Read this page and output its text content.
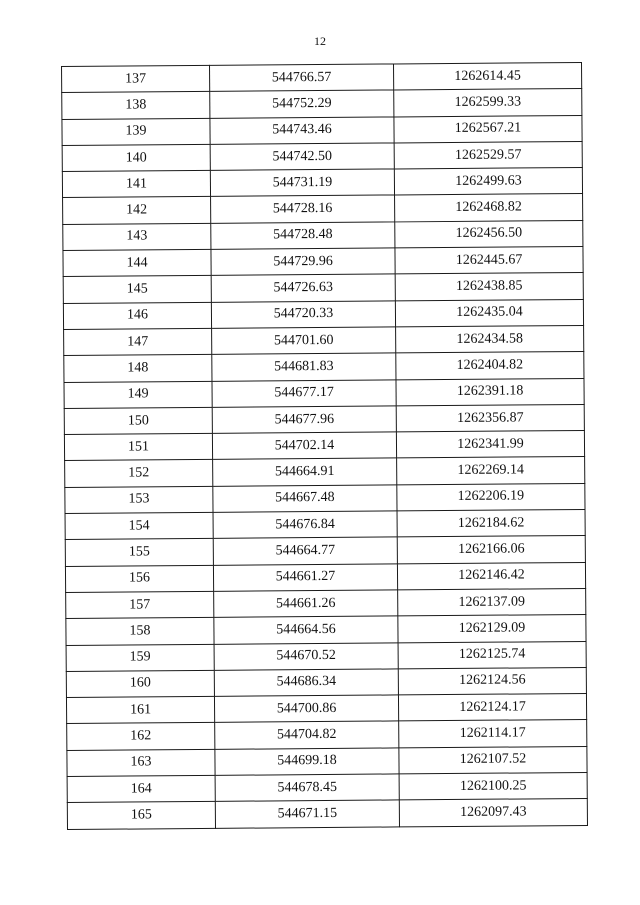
12
137	544766.57	1262614.45
138	544752.29	1262599.33
139	544743.46	1262567.21
140	544742.50	1262529.57
141	544731.19	1262499.63
142	544728.16	1262468.82
143	544728.48	1262456.50
144	544729.96	1262445.67
145	544726.63	1262438.85
146	544720.33	1262435.04
147	544701.60	1262434.58
148	544681.83	1262404.82
149	544677.17	1262391.18
150	544677.96	1262356.87
151	544702.14	1262341.99
152	544664.91	1262269.14
153	544667.48	1262206.19
154	544676.84	1262184.62
155	544664.77	1262166.06
156	544661.27	1262146.42
157	544661.26	1262137.09
158	544664.56	1262129.09
159	544670.52	1262125.74
160	544686.34	1262124.56
161	544700.86	1262124.17
162	544704.82	1262114.17
163	544699.18	1262107.52
164	544678.45	1262100.25
165	544671.15	1262097.43
